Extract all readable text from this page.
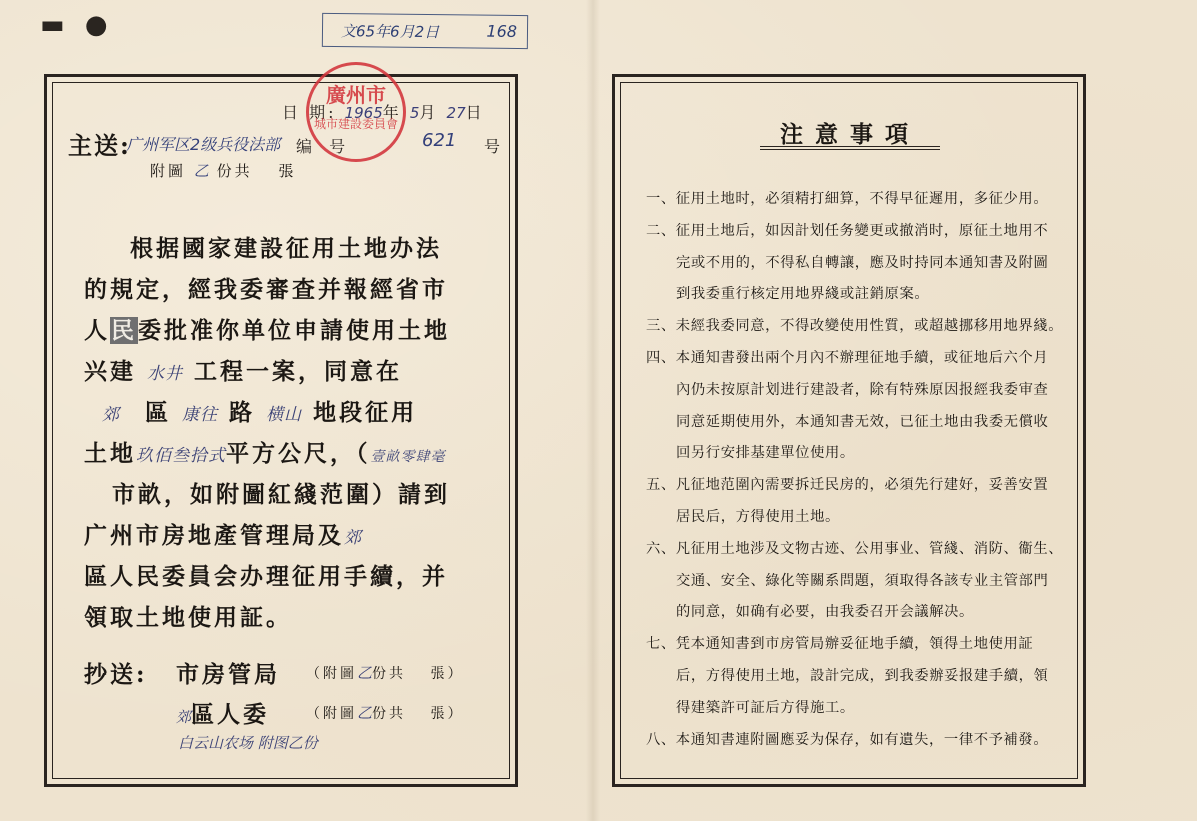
▬ ●	文65年6月2日	168
日 期: 1965年 5月 27日
主送:
广州军区2级兵役法部 编 号	621 号
附圖 乙 份共　 張
根据國家建設征用土地办法
的規定，經我委審查并報經省市
人民委批准你单位申請使用土地
兴建 水井 工程一案，同意在
郊 區 康往 路 横山 地段征用
土地玖佰叁拾式平方公尺，（壹畝零肆毫
市畝，如附圖紅綫范圍）請到
广州市房地產管理局及郊
區人民委員会办理征用手續，并
領取土地使用証。
抄送: 市房管局 （附圖乙份共　 張）
郊區人委	（附圖乙份共　 張）
白云山农场 附图乙份
廣州市
城市建設委員會	注意事項
一、征用土地时，必須精打細算，不得早征遲用，多征少用。
二、征用土地后，如因計划任务變更或撤消时，原征土地用不
完或不用的，不得私自轉讓，應及时持同本通知書及附圖
到我委重行核定用地界綫或註銷原案。
三、未經我委同意，不得改變使用性質，或超越挪移用地界綫。
四、本通知書發出兩个月內不辦理征地手續，或征地后六个月
內仍未按原計划进行建設者，除有特殊原因报經我委审查
同意延期使用外，本通知書无效，已征土地由我委无償收
回另行安排基建單位使用。
五、凡征地范圍內需要拆迁民房的，必須先行建好，妥善安置
居民后，方得使用土地。
六、凡征用土地涉及文物古迹、公用事业、管綫、消防、衞生、
交通、安全、綠化等關系問題，須取得各該专业主管部門
的同意，如确有必要，由我委召开会議解决。
七、凭本通知書到市房管局辦妥征地手續，領得土地使用証
后，方得使用土地，設計完成，到我委辦妥报建手續，領
得建築許可証后方得施工。
八、本通知書連附圖應妥为保存，如有遺失，一律不予補發。
